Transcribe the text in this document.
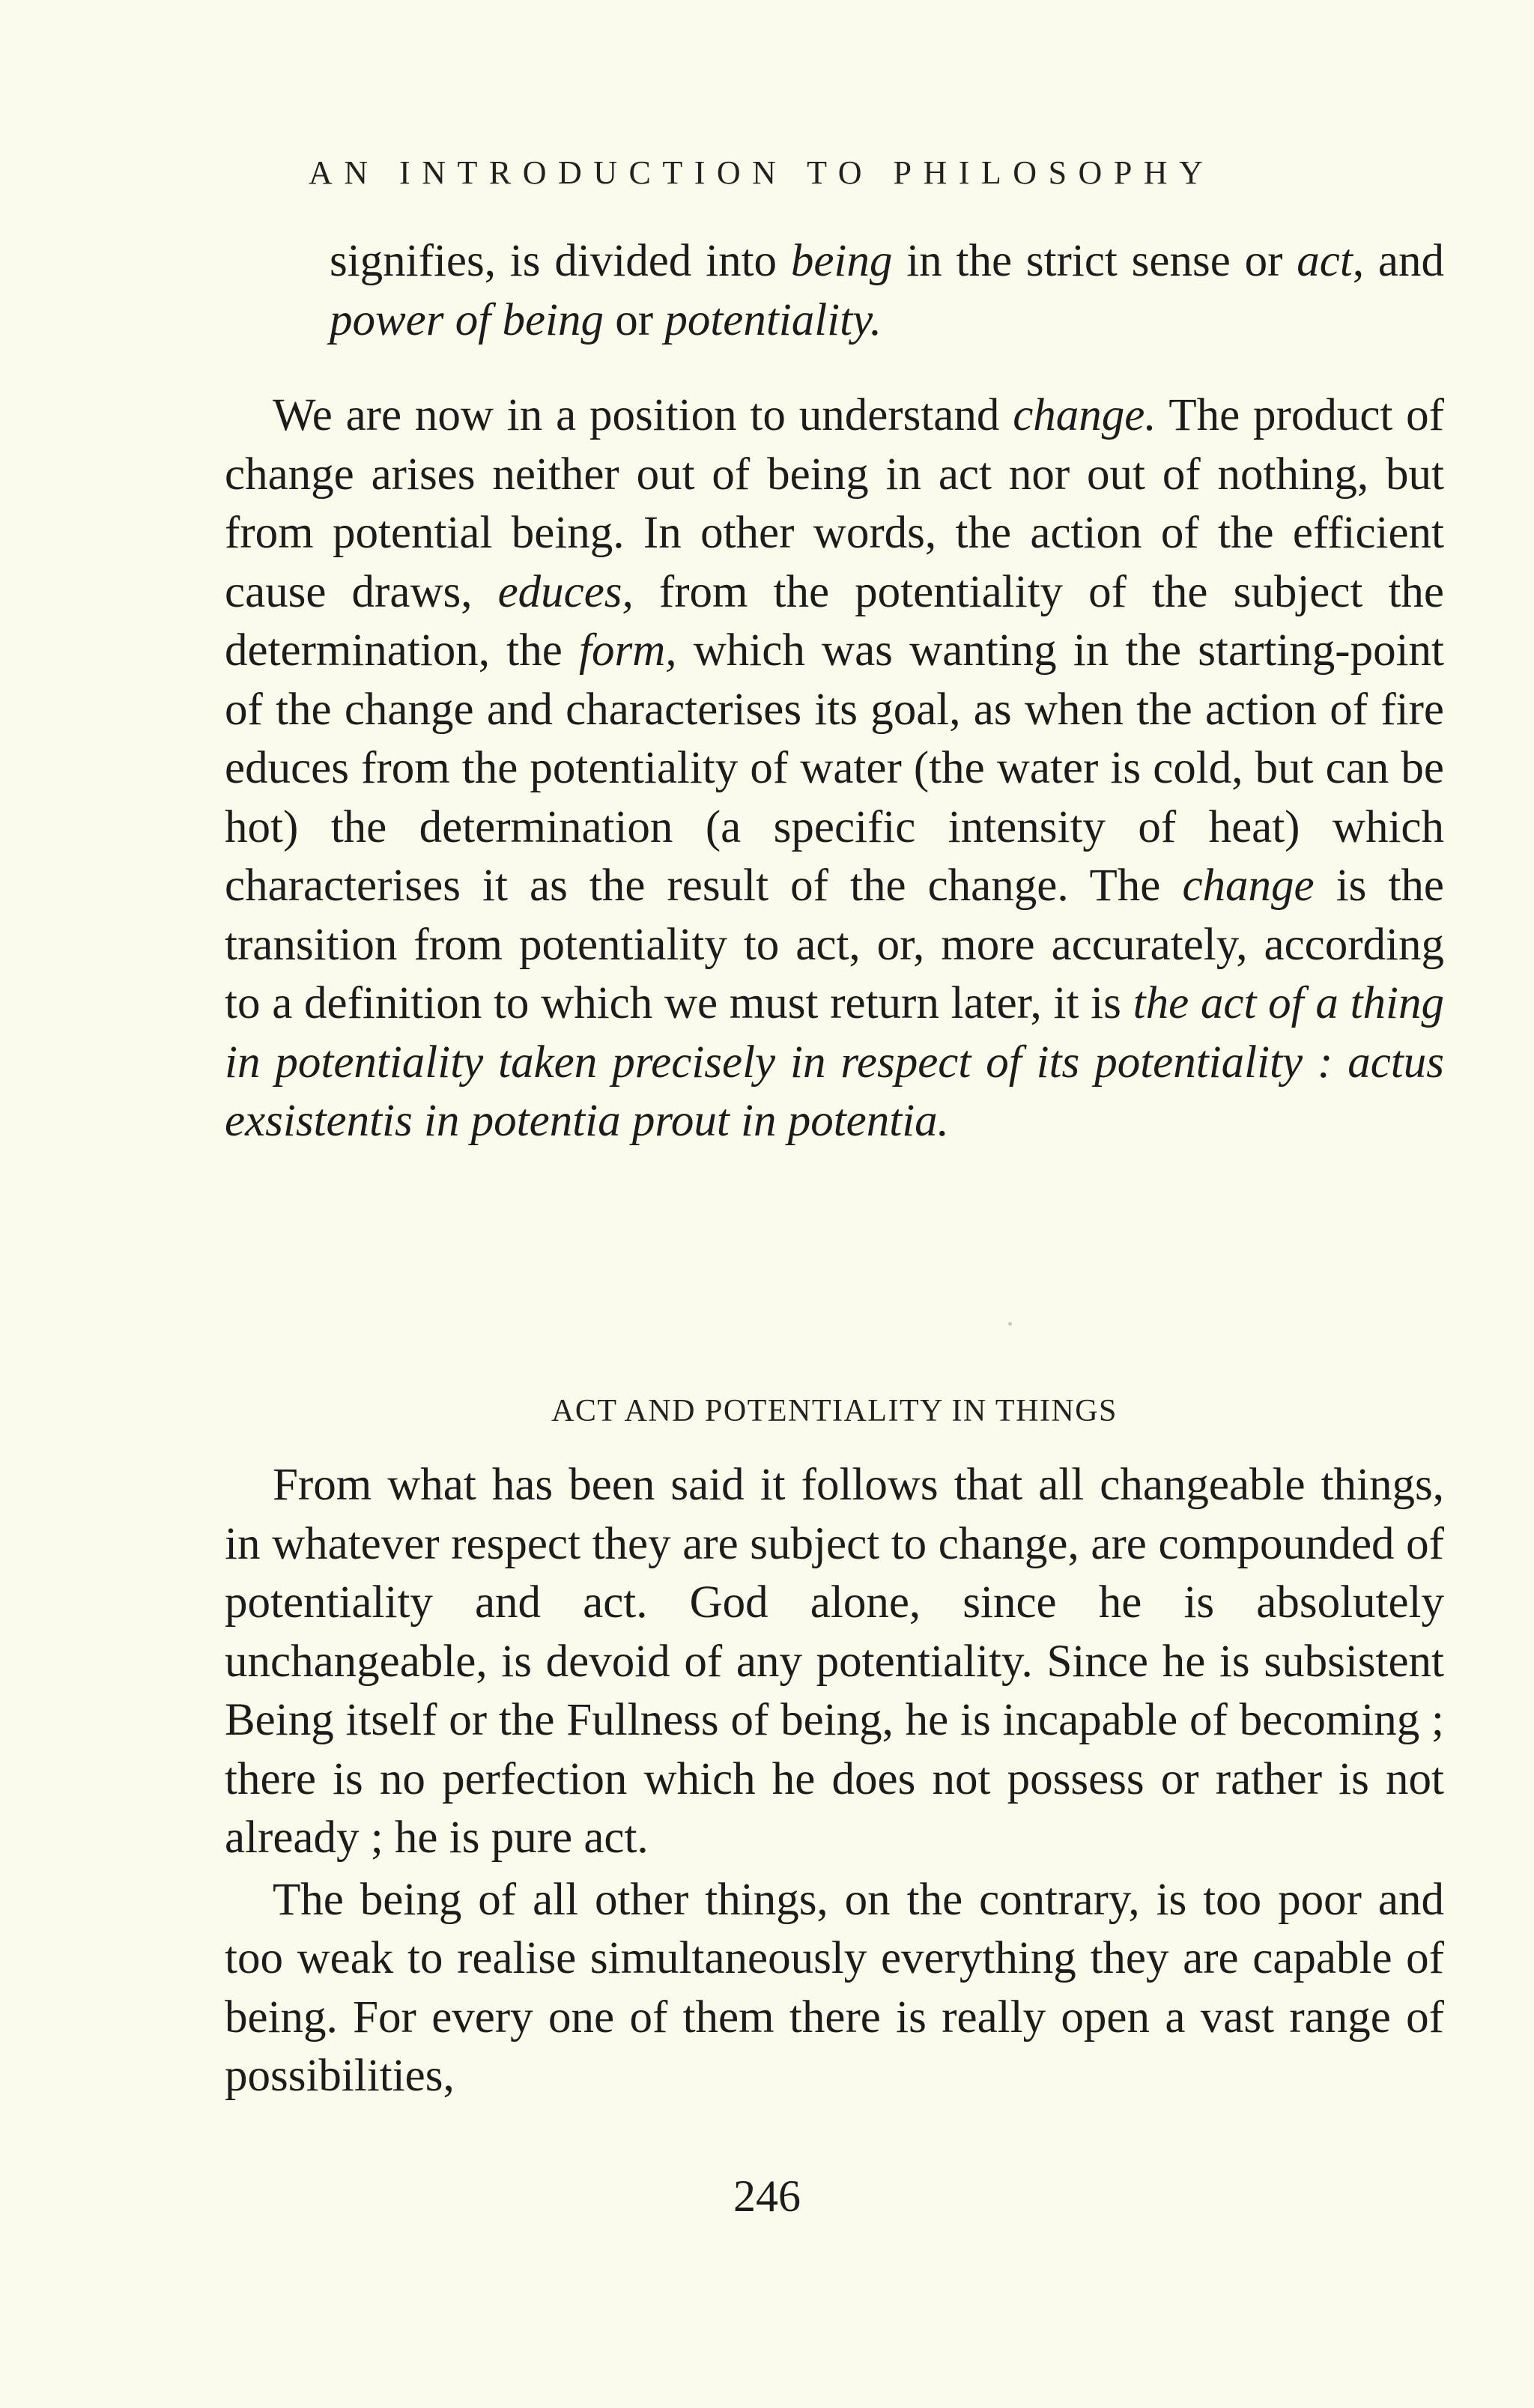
AN INTRODUCTION TO PHILOSOPHY

signifies, is divided into being in the strict sense or act, and power of being or potentiality.

We are now in a position to understand change. The product of change arises neither out of being in act nor out of nothing, but from potential being. In other words, the action of the efficient cause draws, educes, from the potentiality of the subject the determination, the form, which was wanting in the starting-point of the change and characterises its goal, as when the action of fire educes from the potentiality of water (the water is cold, but can be hot) the determination (a specific intensity of heat) which characterises it as the result of the change. The change is the transition from potentiality to act, or, more accurately, according to a definition to which we must return later, it is the act of a thing in potentiality taken precisely in respect of its potentiality : actus exsistentis in potentia prout in potentia.

ACT AND POTENTIALITY IN THINGS

From what has been said it follows that all changeable things, in whatever respect they are subject to change, are compounded of potentiality and act. God alone, since he is absolutely unchangeable, is devoid of any potentiality. Since he is subsistent Being itself or the Fullness of being, he is incapable of becoming ; there is no perfection which he does not possess or rather is not already ; he is pure act.

The being of all other things, on the contrary, is too poor and too weak to realise simultaneously everything they are capable of being. For every one of them there is really open a vast range of possibilities,

246
